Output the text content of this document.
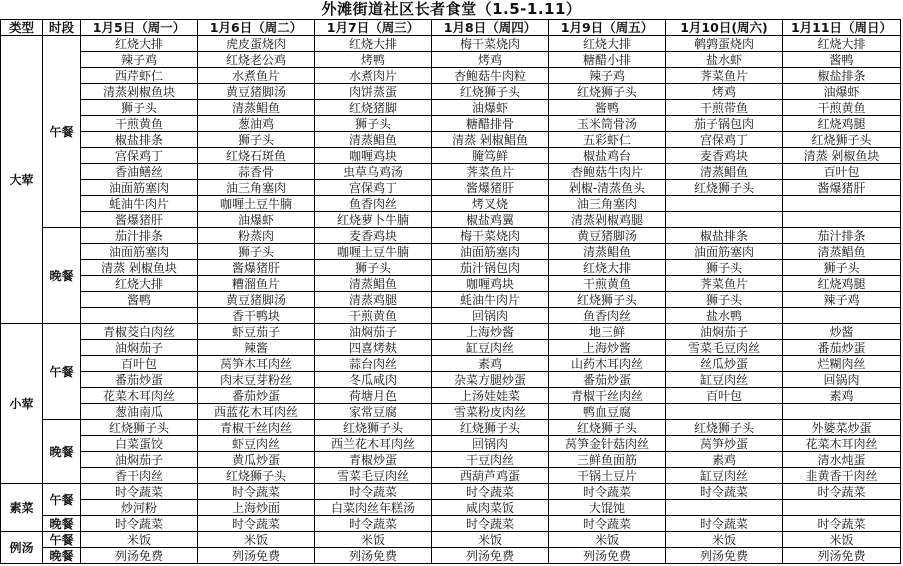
外滩街道社区长者食堂（1.5-1.11）
类型	时段	1月5日（周一）	1月6日（周二）	1月7日（周三）	1月8日（周四）	1月9日（周五）	1月10日(周六)	1月11日（周日）
大荤	午餐	红烧大排	虎皮蛋烧肉	红烧大排	梅干菜烧肉	红烧大排	鹌鹑蛋烧肉	红烧大排
		辣子鸡	红烧老公鸡	烤鸭	烤鸡	糖醋小排	盐水虾	酱鸭
		西芹虾仁	水煮鱼片	水煮肉片	杏鲍菇牛肉粒	辣子鸡	荠菜鱼片	椒盐排条
		清蒸剁椒鱼块	黄豆猪脚汤	肉饼蒸蛋	红烧狮子头	红烧狮子头	烤鸡	油爆虾
		狮子头	清蒸鲳鱼	红烧猪脚	油爆虾	酱鸭	干煎带鱼	干煎黄鱼
		干煎黄鱼	葱油鸡	狮子头	糖醋排骨	玉米筒骨汤	茄子锅包肉	红烧鸡腿
		椒盐排条	狮子头	清蒸鲳鱼	清蒸 剁椒鲳鱼	五彩虾仁	宫保鸡丁	红烧狮子头
		宫保鸡丁	红烧石斑鱼	咖喱鸡块	腌笃鲜	椒盐鸡台	麦香鸡块	清蒸 剁椒鱼块
		香油鳝丝	蒜香骨	虫草乌鸡汤	荠菜鱼片	杏鲍菇牛肉片	清蒸鲳鱼	百叶包
		油面筋塞肉	油三角塞肉	宫保鸡丁	酱爆猪肝	剁椒-清蒸鱼头	红烧狮子头	酱爆猪肝
		蚝油牛肉片	咖喱土豆牛腩	鱼香肉丝	烤叉烧	油三角塞肉		
		酱爆猪肝	油爆虾	红烧萝卜牛腩	椒盐鸡翼	清蒸剁椒鸡腿		
	晚餐	茄汁排条	粉蒸肉	麦香鸡块	梅干菜烧肉	黄豆猪脚汤	椒盐排条	茄汁排条
		油面筋塞肉	狮子头	咖喱土豆牛腩	油面筋塞肉	清蒸鲳鱼	油面筋塞肉	清蒸鲳鱼
		清蒸 剁椒鱼块	酱爆猪肝	狮子头	茄汁锅包肉	红烧大排	狮子头	狮子头
		红烧大排	糟溜鱼片	清蒸鲳鱼	咖喱鸡块	干煎黄鱼	荠菜鱼片	红烧鸡腿
		酱鸭	黄豆猪脚汤	清蒸鸡腿	蚝油牛肉片	红烧狮子头	狮子头	辣子鸡
			香干鸭块	干煎黄鱼	回锅肉	鱼香肉丝	盐水鸭	
小荤	午餐	青椒茭白肉丝	虾豆茄子	油焖茄子	上海炒酱	地三鲜	油焖茄子	炒酱
		油焖茄子	辣酱	四喜烤麸	缸豆肉丝	上海炒酱	雪菜毛豆肉丝	番茄炒蛋
		百叶包	莴笋木耳肉丝	蒜台肉丝	素鸡	山药木耳肉丝	丝瓜炒蛋	烂糊肉丝
		番茄炒蛋	肉末豆芽粉丝	冬瓜咸肉	杂菜方腿炒蛋	番茄炒蛋	缸豆肉丝	回锅肉
		花菜木耳肉丝	番茄炒蛋	荷塘月色	上汤娃娃菜	青椒干丝肉丝	百叶包	素鸡
		葱油南瓜	西蓝花木耳肉丝	家常豆腐	雪菜粉皮肉丝	鸭血豆腐		
	晚餐	红烧狮子头	青椒干丝肉丝	红烧狮子头	红烧狮子头	红烧狮子头	红烧狮子头	外婆菜炒蛋
		白菜蛋饺	虾豆肉丝	西兰花木耳肉丝	回锅肉	莴笋金针菇肉丝	莴笋炒蛋	花菜木耳肉丝
		油焖茄子	黄瓜炒蛋	青椒炒蛋	干豆肉丝	三鲜鱼面筋	素鸡	清水炖蛋
		香干肉丝	红烧狮子头	雪菜毛豆肉丝	西葫芦鸡蛋	干锅土豆片	缸豆肉丝	韭黄香干肉丝
素菜	午餐	时令蔬菜	时令蔬菜	时令蔬菜	时令蔬菜	时令蔬菜	时令蔬菜	时令蔬菜
		炒河粉	上海炒面	白菜肉丝年糕汤	咸肉菜饭	大馄饨		
	晚餐	时令蔬菜	时令蔬菜	时令蔬菜	时令蔬菜	时令蔬菜	时令蔬菜	时令蔬菜
例汤	午餐	米饭	米饭	米饭	米饭	米饭	米饭	米饭
	晚餐	列汤免费	列汤免费	列汤免费	列汤免费	列汤免费	列汤免费	列汤免费
